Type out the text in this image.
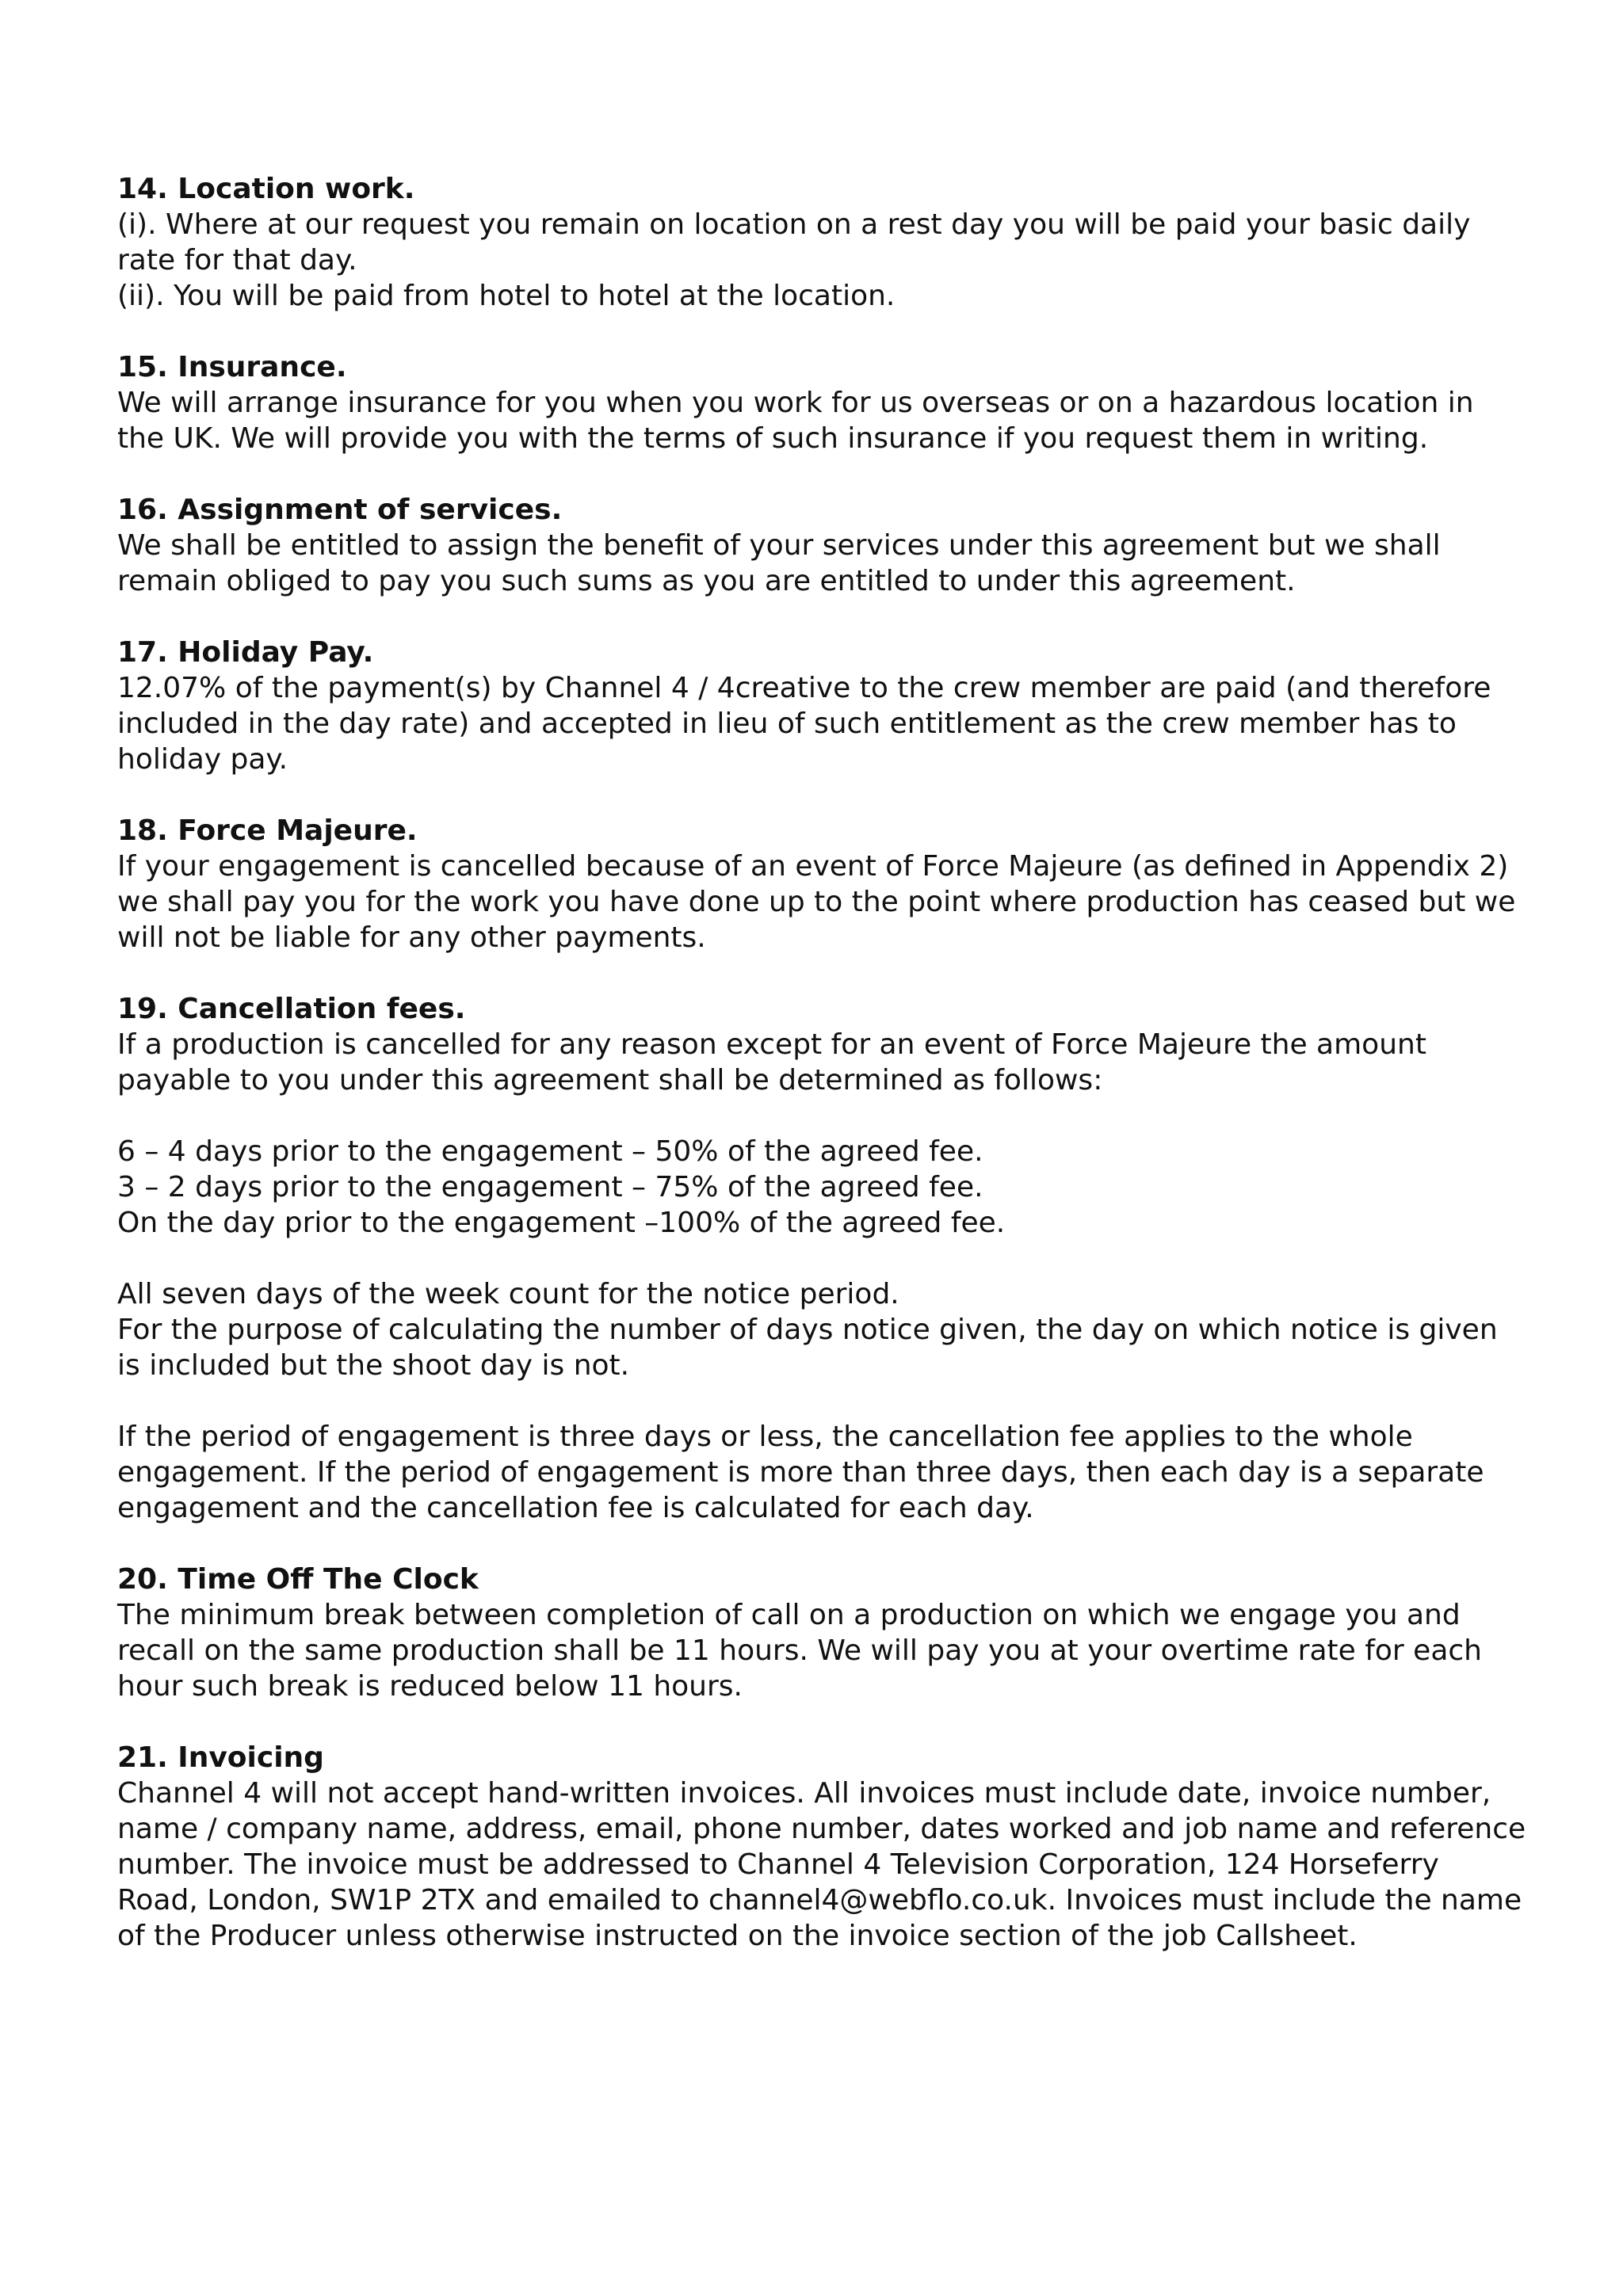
14. Location work.
(i). Where at our request you remain on location on a rest day you will be paid your basic daily rate for that day.
(ii). You will be paid from hotel to hotel at the location.
15. Insurance.
We will arrange insurance for you when you work for us overseas or on a hazardous location in the UK. We will provide you with the terms of such insurance if you request them in writing.
16. Assignment of services.
We shall be entitled to assign the benefit of your services under this agreement but we shall remain obliged to pay you such sums as you are entitled to under this agreement.
17. Holiday Pay.
12.07% of the payment(s) by Channel 4 / 4creative to the crew member are paid (and therefore included in the day rate) and accepted in lieu of such entitlement as the crew member has to holiday pay.
18. Force Majeure.
If your engagement is cancelled because of an event of Force Majeure (as defined in Appendix 2) we shall pay you for the work you have done up to the point where production has ceased but we will not be liable for any other payments.
19. Cancellation fees.
If a production is cancelled for any reason except for an event of Force Majeure the amount payable to you under this agreement shall be determined as follows:
6 – 4 days prior to the engagement – 50% of the agreed fee.
3 – 2 days prior to the engagement – 75% of the agreed fee.
On the day prior to the engagement –100% of the agreed fee.
All seven days of the week count for the notice period.
For the purpose of calculating the number of days notice given, the day on which notice is given is included but the shoot day is not.
If the period of engagement is three days or less, the cancellation fee applies to the whole engagement. If the period of engagement is more than three days, then each day is a separate engagement and the cancellation fee is calculated for each day.
20. Time Off The Clock
The minimum break between completion of call on a production on which we engage you and recall on the same production shall be 11 hours. We will pay you at your overtime rate for each hour such break is reduced below 11 hours.
21. Invoicing
Channel 4 will not accept hand-written invoices. All invoices must include date, invoice number, name / company name, address, email, phone number, dates worked and job name and reference number. The invoice must be addressed to Channel 4 Television Corporation, 124 Horseferry Road, London, SW1P 2TX and emailed to channel4@webflo.co.uk. Invoices must include the name of the Producer unless otherwise instructed on the invoice section of the job Callsheet.
